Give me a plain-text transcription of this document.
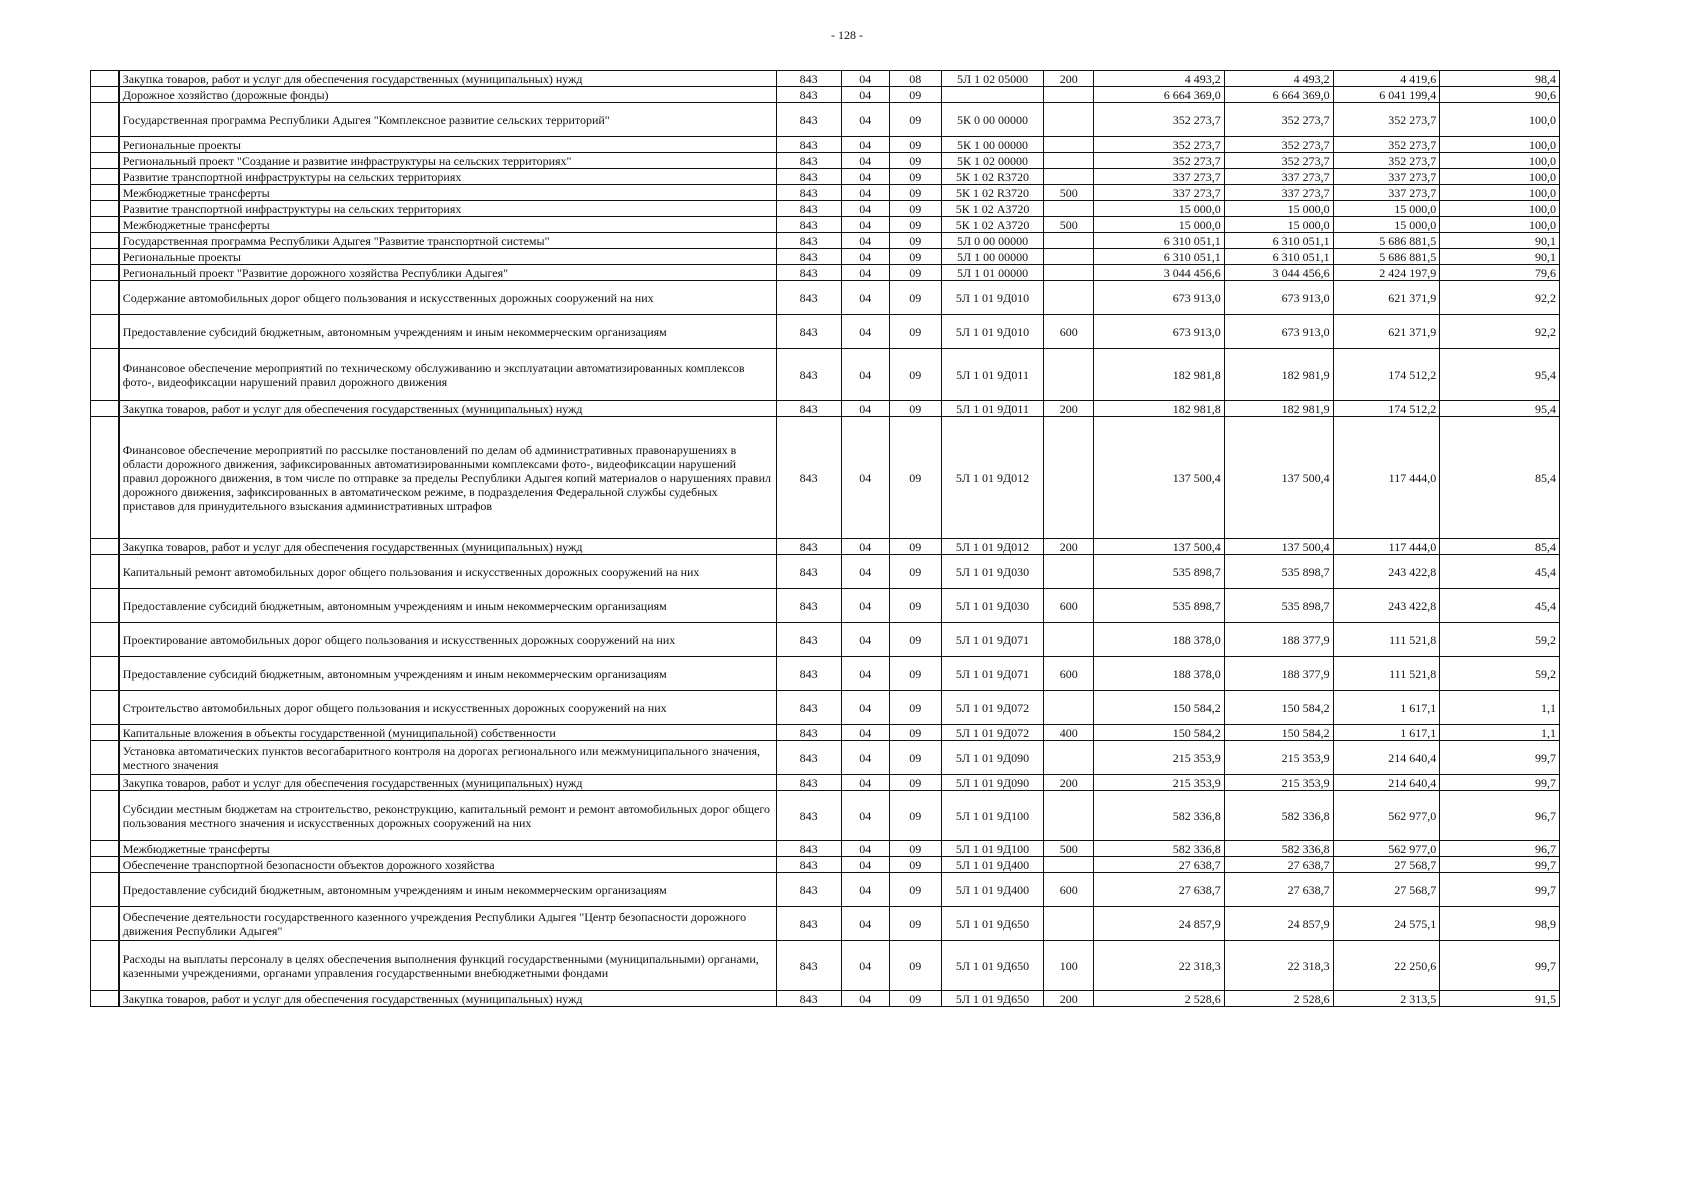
- 128 -
	Закупка товаров, работ и услуг для обеспечения государственных (муниципальных) нужд	843	04	08	5Л 1 02 05000	200	4 493,2	4 493,2	4 419,6	98,4
	Дорожное хозяйство (дорожные фонды)	843	04	09			6 664 369,0	6 664 369,0	6 041 199,4	90,6
	Государственная программа Республики Адыгея "Комплексное развитие сельских территорий"	843	04	09	5К 0 00 00000		352 273,7	352 273,7	352 273,7	100,0
	Региональные проекты	843	04	09	5К 1 00 00000		352 273,7	352 273,7	352 273,7	100,0
	Региональный проект "Создание и развитие инфраструктуры на сельских территориях"	843	04	09	5К 1 02 00000		352 273,7	352 273,7	352 273,7	100,0
	Развитие транспортной инфраструктуры на сельских территориях	843	04	09	5К 1 02 R3720		337 273,7	337 273,7	337 273,7	100,0
	Межбюджетные трансферты	843	04	09	5К 1 02 R3720	500	337 273,7	337 273,7	337 273,7	100,0
	Развитие транспортной инфраструктуры на сельских территориях	843	04	09	5К 1 02 А3720		15 000,0	15 000,0	15 000,0	100,0
	Межбюджетные трансферты	843	04	09	5К 1 02 А3720	500	15 000,0	15 000,0	15 000,0	100,0
	Государственная программа Республики Адыгея "Развитие транспортной системы"	843	04	09	5Л 0 00 00000		6 310 051,1	6 310 051,1	5 686 881,5	90,1
	Региональные проекты	843	04	09	5Л 1 00 00000		6 310 051,1	6 310 051,1	5 686 881,5	90,1
	Региональный проект "Развитие дорожного хозяйства Республики Адыгея"	843	04	09	5Л 1 01 00000		3 044 456,6	3 044 456,6	2 424 197,9	79,6
	Содержание автомобильных дорог общего пользования и искусственных дорожных сооружений на них	843	04	09	5Л 1 01 9Д010		673 913,0	673 913,0	621 371,9	92,2
	Предоставление субсидий бюджетным, автономным учреждениям и иным некоммерческим организациям	843	04	09	5Л 1 01 9Д010	600	673 913,0	673 913,0	621 371,9	92,2
	Финансовое обеспечение мероприятий по техническому обслуживанию и эксплуатации автоматизированных комплексов фото-, видеофиксации нарушений правил дорожного движения	843	04	09	5Л 1 01 9Д011		182 981,8	182 981,9	174 512,2	95,4
	Закупка товаров, работ и услуг для обеспечения государственных (муниципальных) нужд	843	04	09	5Л 1 01 9Д011	200	182 981,8	182 981,9	174 512,2	95,4
	Финансовое обеспечение мероприятий по рассылке постановлений по делам об административных правонарушениях в области дорожного движения, зафиксированных автоматизированными комплексами фото-, видеофиксации нарушений правил дорожного движения, в том числе по отправке за пределы Республики Адыгея копий материалов о нарушениях правил дорожного движения, зафиксированных в автоматическом режиме, в подразделения Федеральной службы судебных приставов для принудительного взыскания административных штрафов	843	04	09	5Л 1 01 9Д012		137 500,4	137 500,4	117 444,0	85,4
	Закупка товаров, работ и услуг для обеспечения государственных (муниципальных) нужд	843	04	09	5Л 1 01 9Д012	200	137 500,4	137 500,4	117 444,0	85,4
	Капитальный ремонт автомобильных дорог общего пользования и искусственных дорожных сооружений на них	843	04	09	5Л 1 01 9Д030		535 898,7	535 898,7	243 422,8	45,4
	Предоставление субсидий бюджетным, автономным учреждениям и иным некоммерческим организациям	843	04	09	5Л 1 01 9Д030	600	535 898,7	535 898,7	243 422,8	45,4
	Проектирование автомобильных дорог общего пользования и искусственных дорожных сооружений на них	843	04	09	5Л 1 01 9Д071		188 378,0	188 377,9	111 521,8	59,2
	Предоставление субсидий бюджетным, автономным учреждениям и иным некоммерческим организациям	843	04	09	5Л 1 01 9Д071	600	188 378,0	188 377,9	111 521,8	59,2
	Строительство автомобильных дорог общего пользования и искусственных дорожных сооружений на них	843	04	09	5Л 1 01 9Д072		150 584,2	150 584,2	1 617,1	1,1
	Капитальные вложения в объекты государственной (муниципальной) собственности	843	04	09	5Л 1 01 9Д072	400	150 584,2	150 584,2	1 617,1	1,1
	Установка автоматических пунктов весогабаритного контроля на дорогах регионального или межмуниципального значения, местного значения	843	04	09	5Л 1 01 9Д090		215 353,9	215 353,9	214 640,4	99,7
	Закупка товаров, работ и услуг для обеспечения государственных (муниципальных) нужд	843	04	09	5Л 1 01 9Д090	200	215 353,9	215 353,9	214 640,4	99,7
	Субсидии местным бюджетам на строительство, реконструкцию, капитальный ремонт и ремонт автомобильных дорог общего пользования местного значения и искусственных дорожных сооружений на них	843	04	09	5Л 1 01 9Д100		582 336,8	582 336,8	562 977,0	96,7
	Межбюджетные трансферты	843	04	09	5Л 1 01 9Д100	500	582 336,8	582 336,8	562 977,0	96,7
	Обеспечение транспортной безопасности объектов дорожного хозяйства	843	04	09	5Л 1 01 9Д400		27 638,7	27 638,7	27 568,7	99,7
	Предоставление субсидий бюджетным, автономным учреждениям и иным некоммерческим организациям	843	04	09	5Л 1 01 9Д400	600	27 638,7	27 638,7	27 568,7	99,7
	Обеспечение деятельности государственного казенного учреждения Республики Адыгея "Центр безопасности дорожного движения Республики Адыгея"	843	04	09	5Л 1 01 9Д650		24 857,9	24 857,9	24 575,1	98,9
	Расходы на выплаты персоналу в целях обеспечения выполнения функций государственными (муниципальными) органами, казенными учреждениями, органами управления государственными внебюджетными фондами	843	04	09	5Л 1 01 9Д650	100	22 318,3	22 318,3	22 250,6	99,7
	Закупка товаров, работ и услуг для обеспечения государственных (муниципальных) нужд	843	04	09	5Л 1 01 9Д650	200	2 528,6	2 528,6	2 313,5	91,5
